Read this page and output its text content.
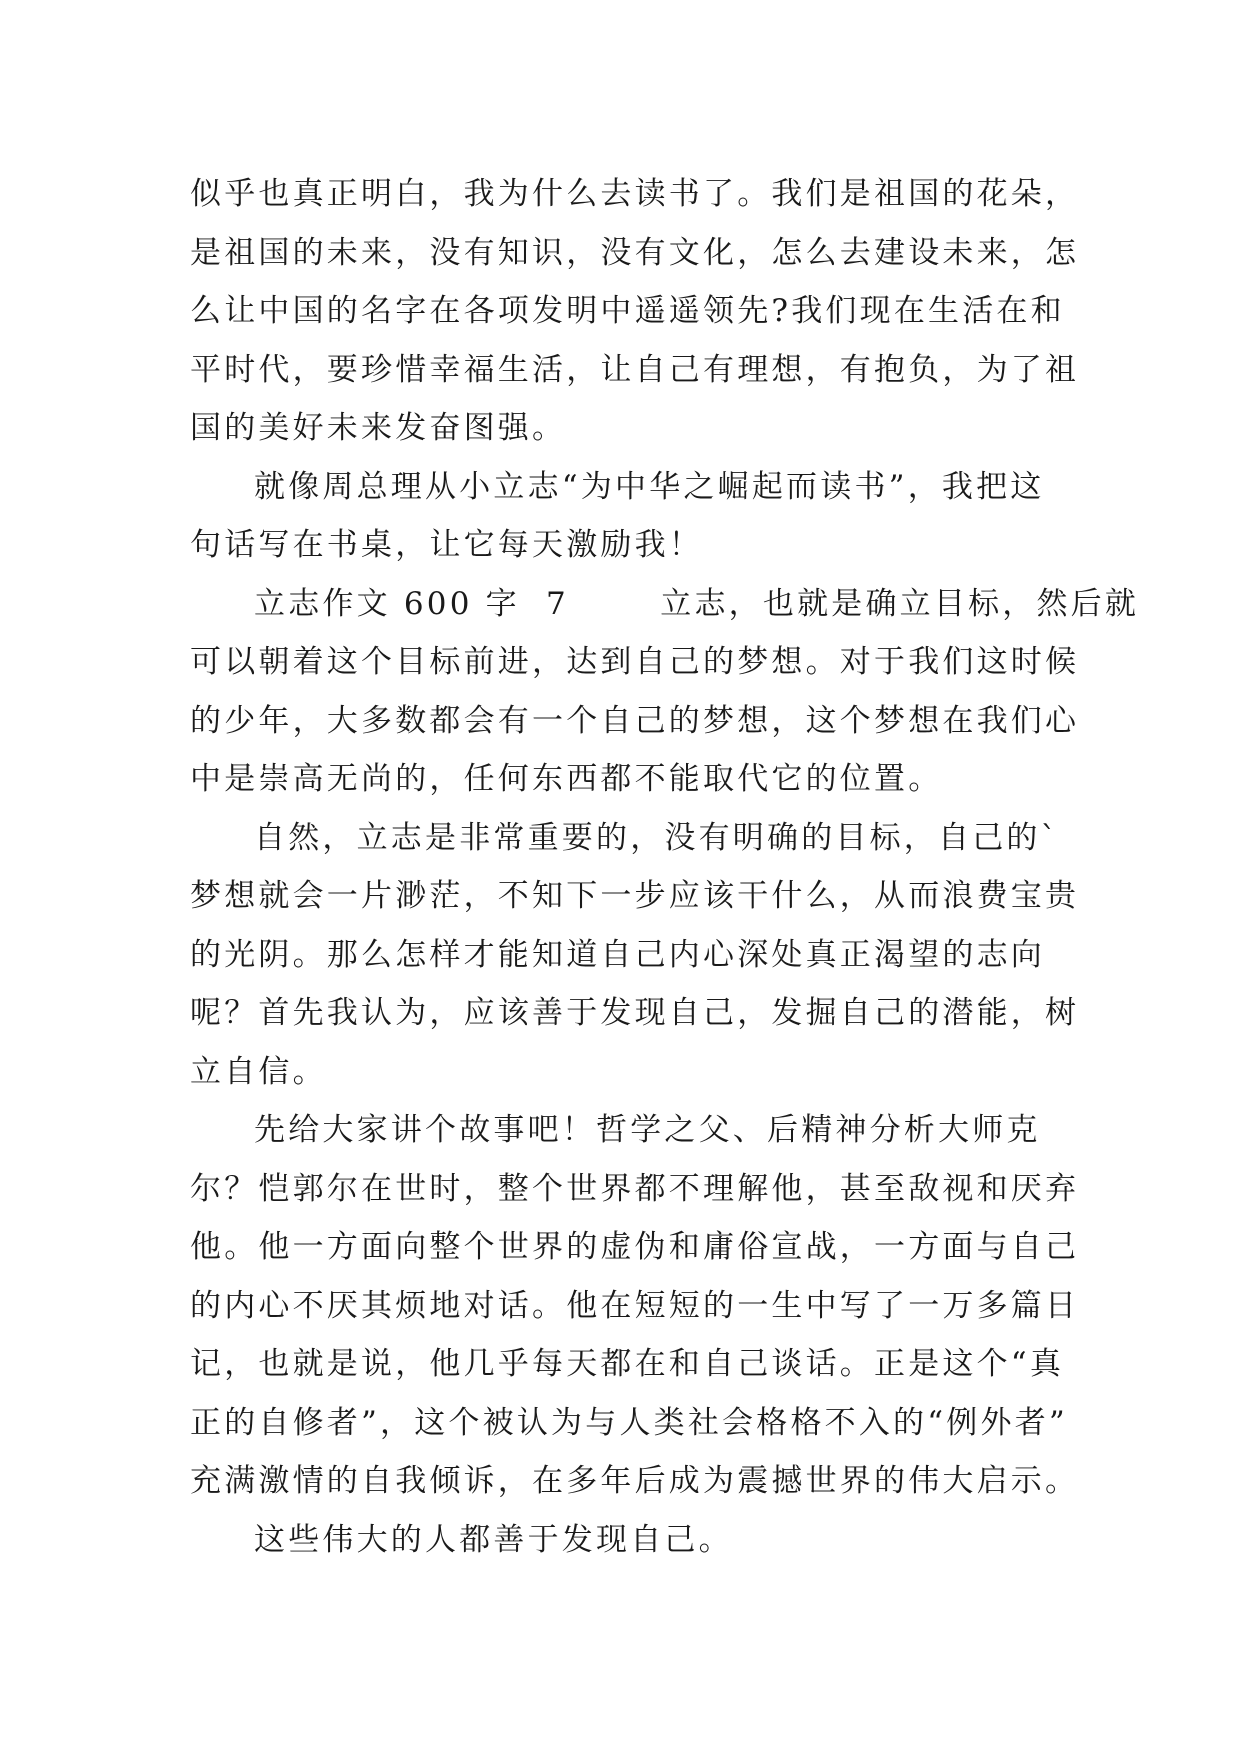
似乎也真正明白，我为什么去读书了。我们是祖国的花朵，
是祖国的未来，没有知识，没有文化，怎么去建设未来，怎
么让中国的名字在各项发明中遥遥领先?我们现在生活在和
平时代，要珍惜幸福生活，让自己有理想，有抱负，为了祖
国的美好未来发奋图强。
就像周总理从小立志“为中华之崛起而读书”，我把这
句话写在书桌，让它每天激励我！
立志作文 600 字  7       立志，也就是确立目标，然后就
可以朝着这个目标前进，达到自己的梦想。对于我们这时候
的少年，大多数都会有一个自己的梦想，这个梦想在我们心
中是崇高无尚的，任何东西都不能取代它的位置。
自然，立志是非常重要的，没有明确的目标，自己的`
梦想就会一片渺茫，不知下一步应该干什么，从而浪费宝贵
的光阴。那么怎样才能知道自己内心深处真正渴望的志向
呢？首先我认为，应该善于发现自己，发掘自己的潜能，树
立自信。
先给大家讲个故事吧！哲学之父、后精神分析大师克
尔？恺郭尔在世时，整个世界都不理解他，甚至敌视和厌弃
他。他一方面向整个世界的虚伪和庸俗宣战，一方面与自己
的内心不厌其烦地对话。他在短短的一生中写了一万多篇日
记，也就是说，他几乎每天都在和自己谈话。正是这个“真
正的自修者”，这个被认为与人类社会格格不入的“例外者”
充满激情的自我倾诉，在多年后成为震撼世界的伟大启示。
这些伟大的人都善于发现自己。
